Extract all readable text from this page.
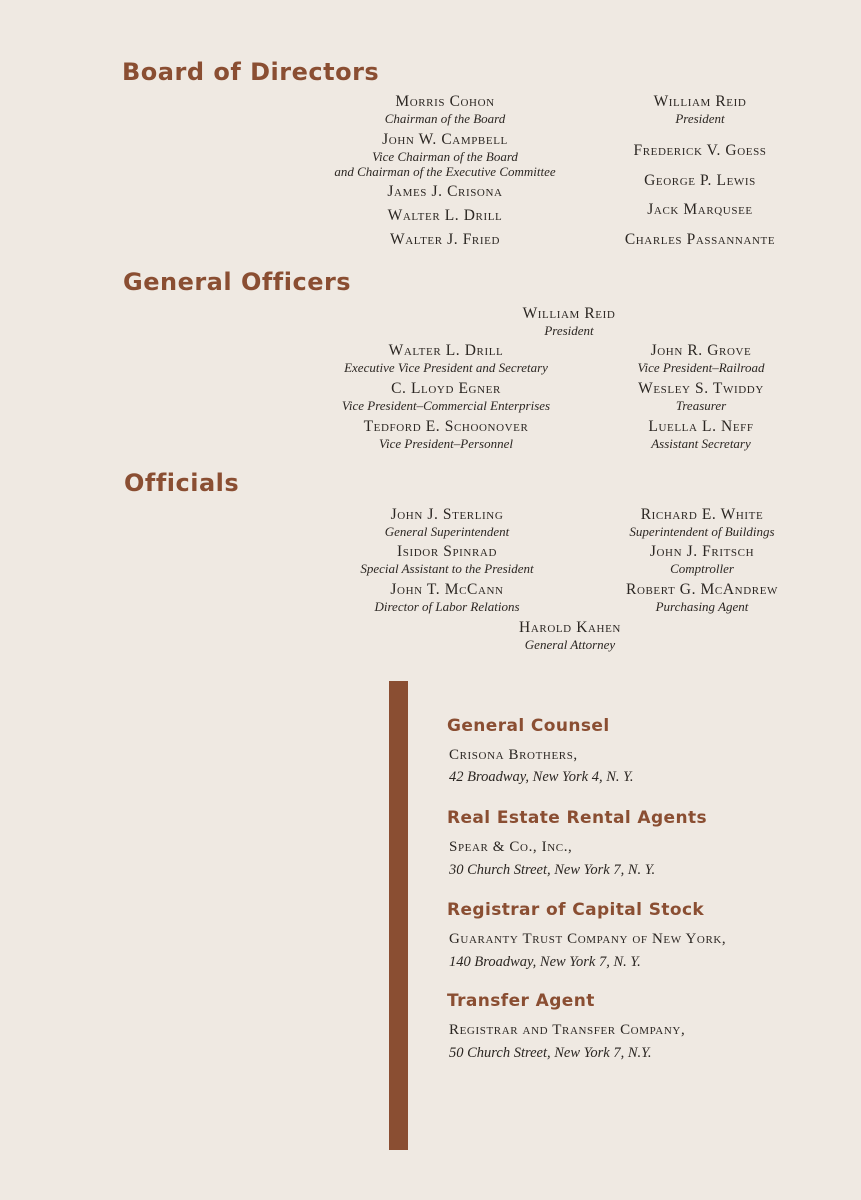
Board of Directors
Morris Cohon
Chairman of the Board
John W. Campbell
Vice Chairman of the Board
and Chairman of the Executive Committee
James J. Crisona
Walter L. Drill
Walter J. Fried
William Reid
President
Frederick V. Goess
George P. Lewis
Jack Marqusee
Charles Passannante
General Officers
William Reid
President
Walter L. Drill
Executive Vice President and Secretary
C. Lloyd Egner
Vice President–Commercial Enterprises
Tedford E. Schoonover
Vice President–Personnel
John R. Grove
Vice President–Railroad
Wesley S. Twiddy
Treasurer
Luella L. Neff
Assistant Secretary
Officials
John J. Sterling
General Superintendent
Isidor Spinrad
Special Assistant to the President
John T. McCann
Director of Labor Relations
Richard E. White
Superintendent of Buildings
John J. Fritsch
Comptroller
Robert G. McAndrew
Purchasing Agent
Harold Kahen
General Attorney
General Counsel

Crisona Brothers,

42 Broadway, New York 4, N. Y.

Real Estate Rental Agents

Spear & Co., Inc.,

30 Church Street, New York 7, N. Y.

Registrar of Capital Stock

Guaranty Trust Company of New York,

140 Broadway, New York 7, N. Y.

Transfer Agent

Registrar and Transfer Company,

50 Church Street, New York 7, N.Y.
